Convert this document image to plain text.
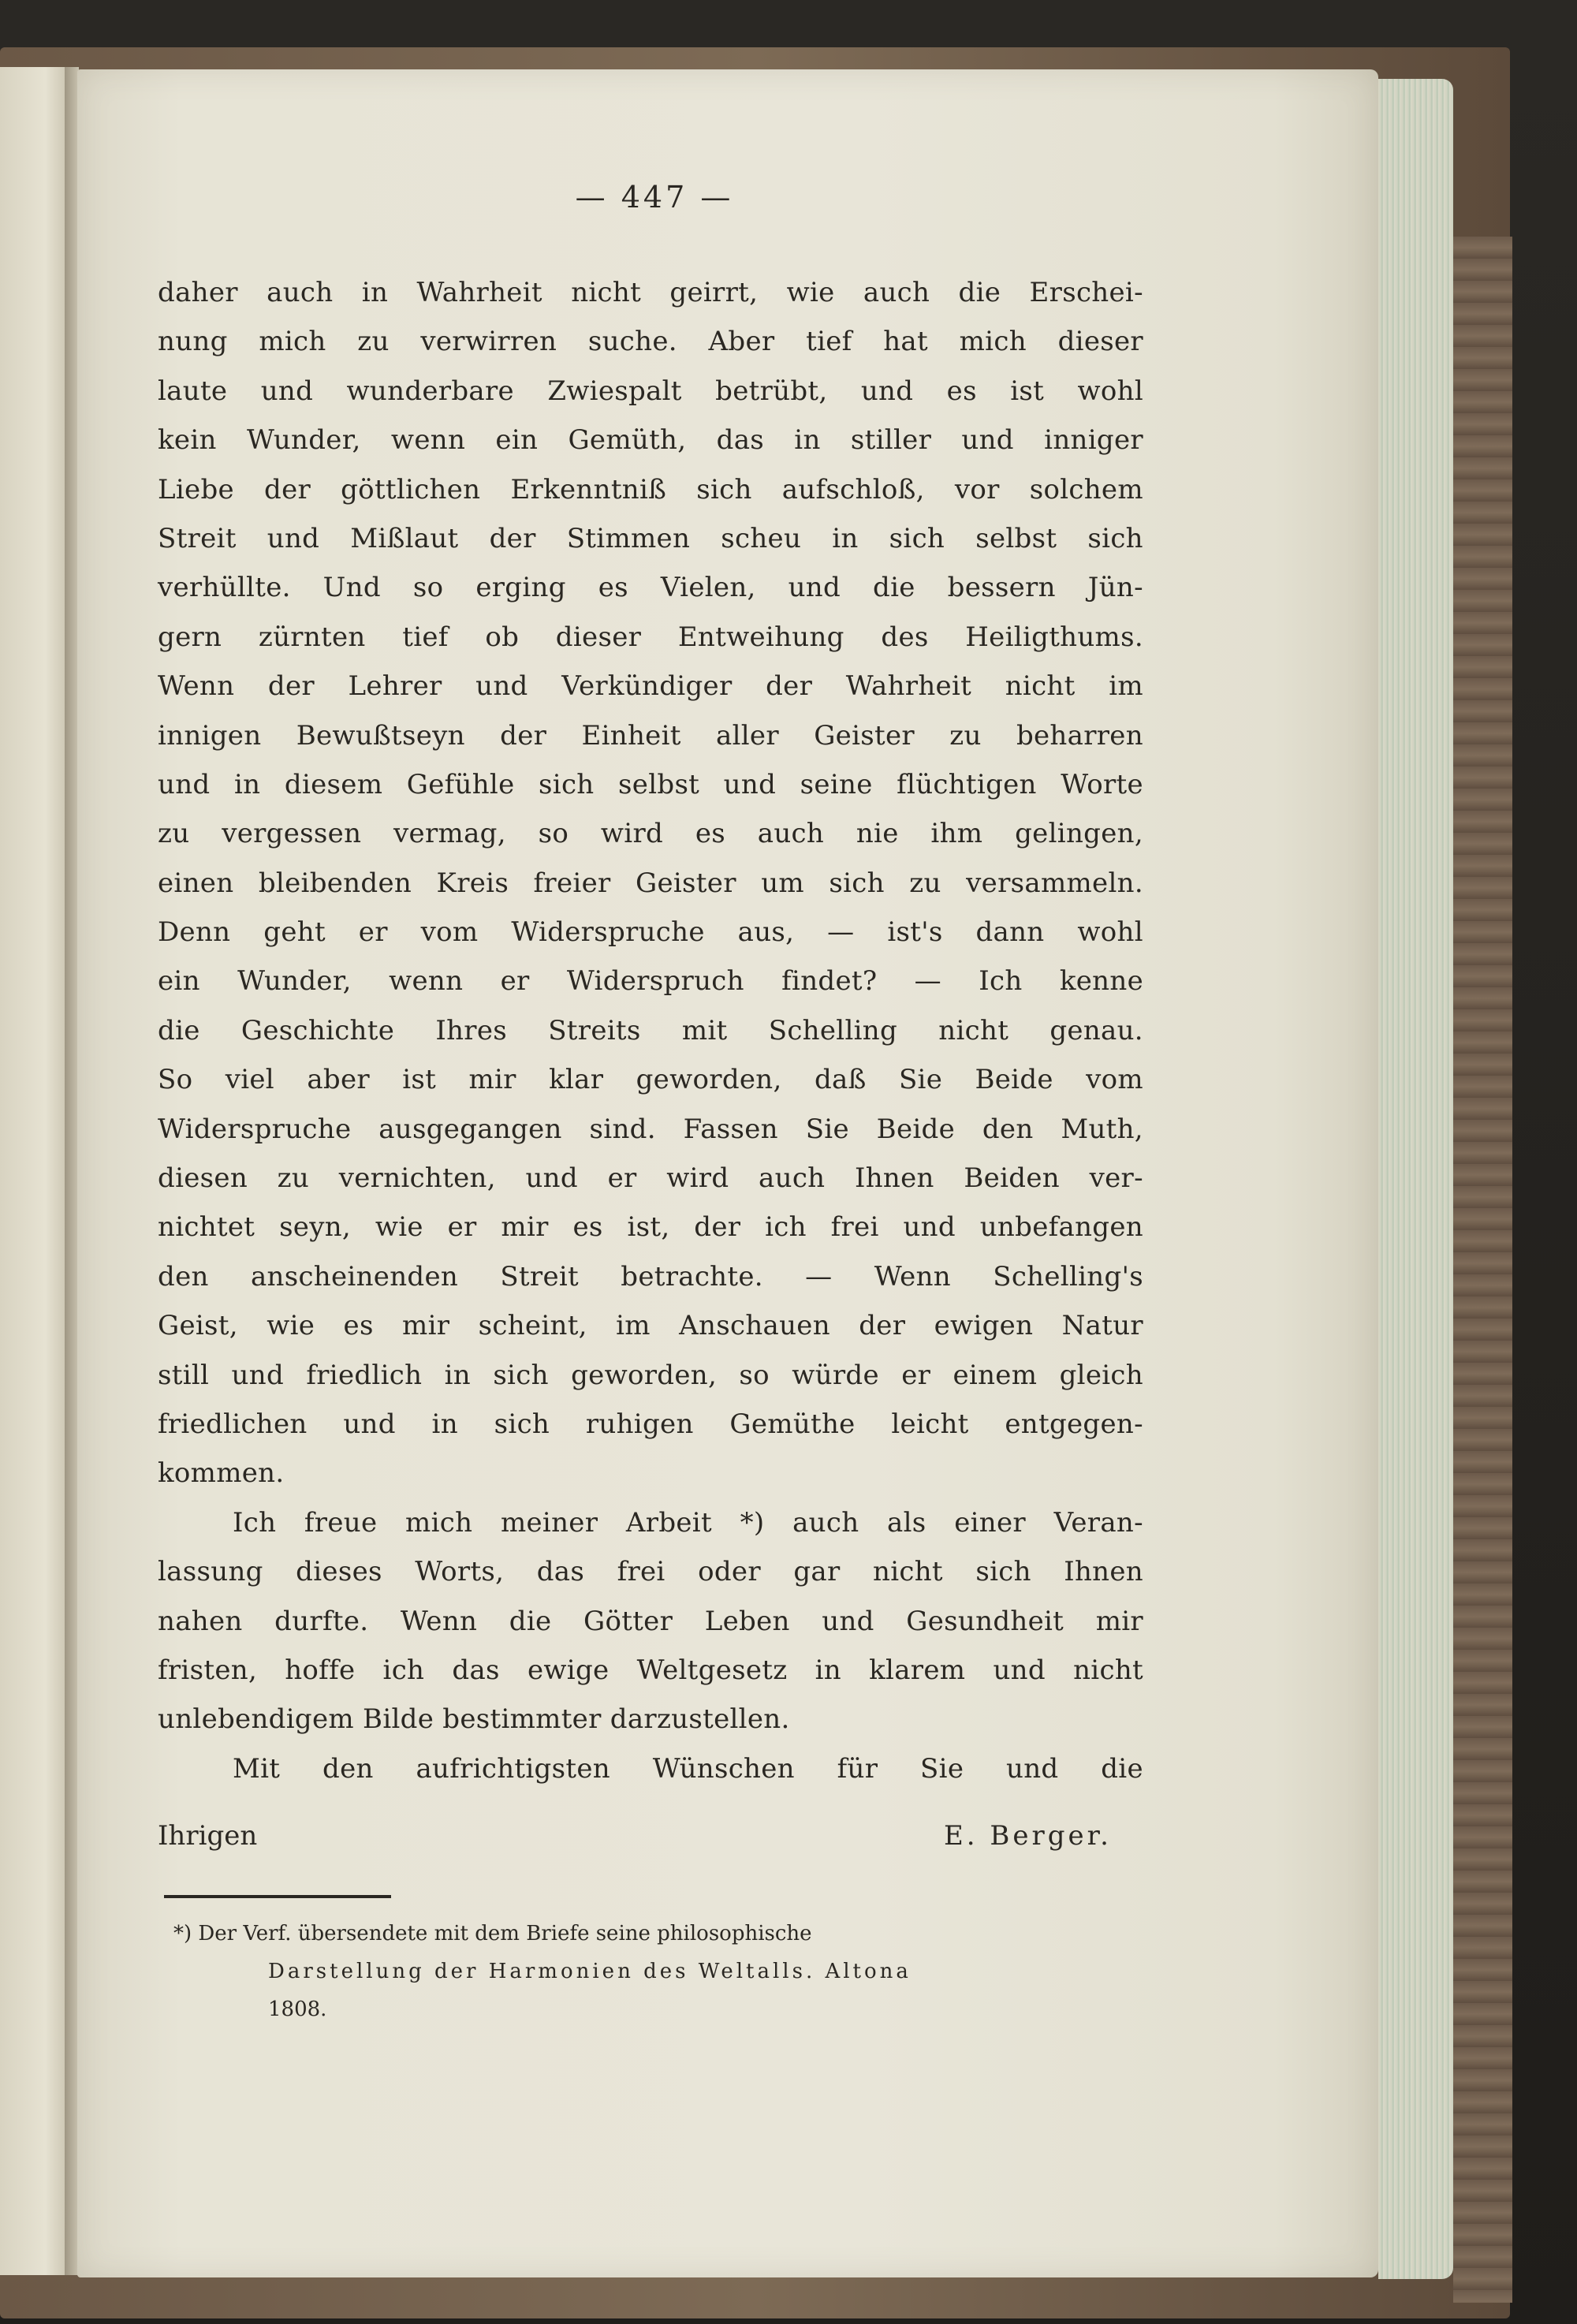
— 447 —
daher auch in Wahrheit nicht geirrt, wie auch die Erschei-
nung mich zu verwirren suche. Aber tief hat mich dieser
laute und wunderbare Zwiespalt betrübt, und es ist wohl
kein Wunder, wenn ein Gemüth, das in stiller und inniger
Liebe der göttlichen Erkenntniß sich aufschloß, vor solchem
Streit und Mißlaut der Stimmen scheu in sich selbst sich
verhüllte. Und so erging es Vielen, und die bessern Jün-
gern zürnten tief ob dieser Entweihung des Heiligthums.
Wenn der Lehrer und Verkündiger der Wahrheit nicht im
innigen Bewußtseyn der Einheit aller Geister zu beharren
und in diesem Gefühle sich selbst und seine flüchtigen Worte
zu vergessen vermag, so wird es auch nie ihm gelingen,
einen bleibenden Kreis freier Geister um sich zu versammeln.
Denn geht er vom Widerspruche aus, — ist's dann wohl
ein Wunder, wenn er Widerspruch findet? — Ich kenne
die Geschichte Ihres Streits mit Schelling nicht genau.
So viel aber ist mir klar geworden, daß Sie Beide vom
Widerspruche ausgegangen sind. Fassen Sie Beide den Muth,
diesen zu vernichten, und er wird auch Ihnen Beiden ver-
nichtet seyn, wie er mir es ist, der ich frei und unbefangen
den anscheinenden Streit betrachte. — Wenn Schelling's
Geist, wie es mir scheint, im Anschauen der ewigen Natur
still und friedlich in sich geworden, so würde er einem gleich
friedlichen und in sich ruhigen Gemüthe leicht entgegen-
kommen.
Ich freue mich meiner Arbeit *) auch als einer Veran-
lassung dieses Worts, das frei oder gar nicht sich Ihnen
nahen durfte. Wenn die Götter Leben und Gesundheit mir
fristen, hoffe ich das ewige Weltgesetz in klarem und nicht
unlebendigem Bilde bestimmter darzustellen.
Mit den aufrichtigsten Wünschen für Sie und die
Ihrigen	E. Berger.
*) Der Verf. übersendete mit dem Briefe seine philosophische
Darstellung der Harmonien des Weltalls. Altona
1808.
